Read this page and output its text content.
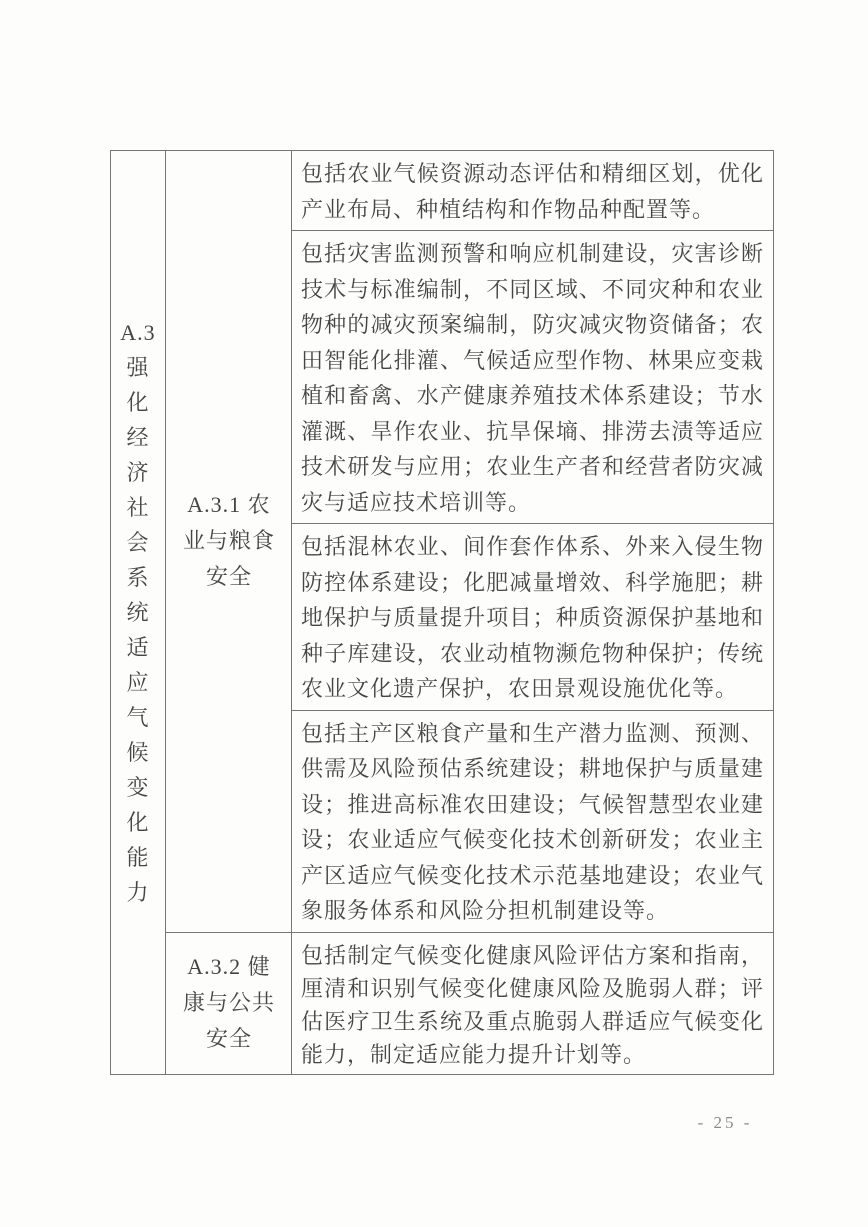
A.3
强化经济社会系统适应气候变化能力	A.3.1 农业与粮食安全	包括农业气候资源动态评估和精细区划，优化产业布局、种植结构和作物品种配置等。
		包括灾害监测预警和响应机制建设，灾害诊断技术与标准编制，不同区域、不同灾种和农业物种的减灾预案编制，防灾减灾物资储备；农田智能化排灌、气候适应型作物、林果应变栽植和畜禽、水产健康养殖技术体系建设；节水灌溉、旱作农业、抗旱保墒、排涝去渍等适应技术研发与应用；农业生产者和经营者防灾减灾与适应技术培训等。
		包括混林农业、间作套作体系、外来入侵生物防控体系建设；化肥减量增效、科学施肥；耕地保护与质量提升项目；种质资源保护基地和种子库建设，农业动植物濒危物种保护；传统农业文化遗产保护，农田景观设施优化等。
		包括主产区粮食产量和生产潜力监测、预测、供需及风险预估系统建设；耕地保护与质量建设；推进高标准农田建设；气候智慧型农业建设；农业适应气候变化技术创新研发；农业主产区适应气候变化技术示范基地建设；农业气象服务体系和风险分担机制建设等。

	A.3.2 健康与公共安全	包括制定气候变化健康风险评估方案和指南，厘清和识别气候变化健康风险及脆弱人群；评估医疗卫生系统及重点脆弱人群适应气候变化能力，制定适应能力提升计划等。
- 25 -
